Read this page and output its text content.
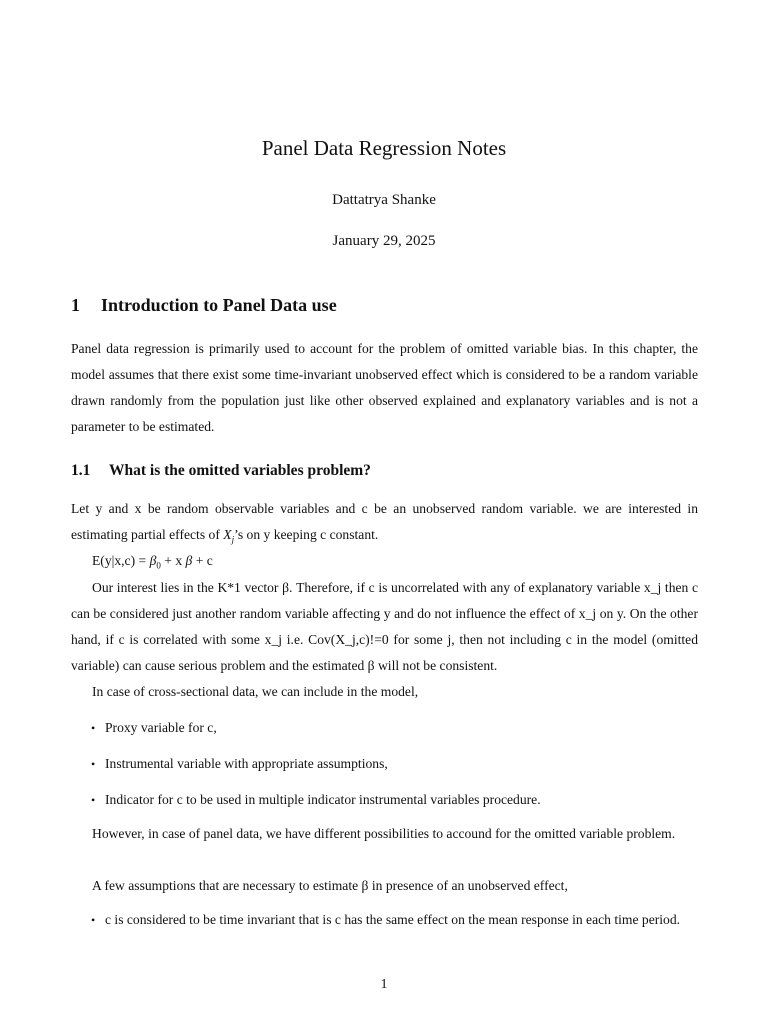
Panel Data Regression Notes
Dattatrya Shanke
January 29, 2025
1 Introduction to Panel Data use
Panel data regression is primarily used to account for the problem of omitted variable bias. In this chapter, the model assumes that there exist some time-invariant unobserved effect which is considered to be a random variable drawn randomly from the population just like other observed explained and explanatory variables and is not a parameter to be estimated.
1.1 What is the omitted variables problem?
Let y and x be random observable variables and c be an unobserved random variable. we are interested in estimating partial effects of $X_j’s$ on y keeping c constant.
$E(y|x,c) = \beta_0 + x$ β + c
Our interest lies in the K*1 vector β. Therefore, if c is uncorrelated with any of explanatory variable x_j then c can be considered just another random variable affecting y and do not influence the effect of x_j on y. On the other hand, if c is correlated with some x_j i.e. Cov(X_j,c)!=0 for some j, then not including c in the model (omitted variable) can cause serious problem and the estimated β will not be consistent.
In case of cross-sectional data, we can include in the model,
• Proxy variable for c,
• Instrumental variable with appropriate assumptions,
• Indicator for c to be used in multiple indicator instrumental variables procedure.
However, in case of panel data, we have different possibilities to accound for the omitted variable problem.
A few assumptions that are necessary to estimate β in presence of an unobserved effect,
• c is considered to be time invariant that is c has the same effect on the mean response in each time period.
1
